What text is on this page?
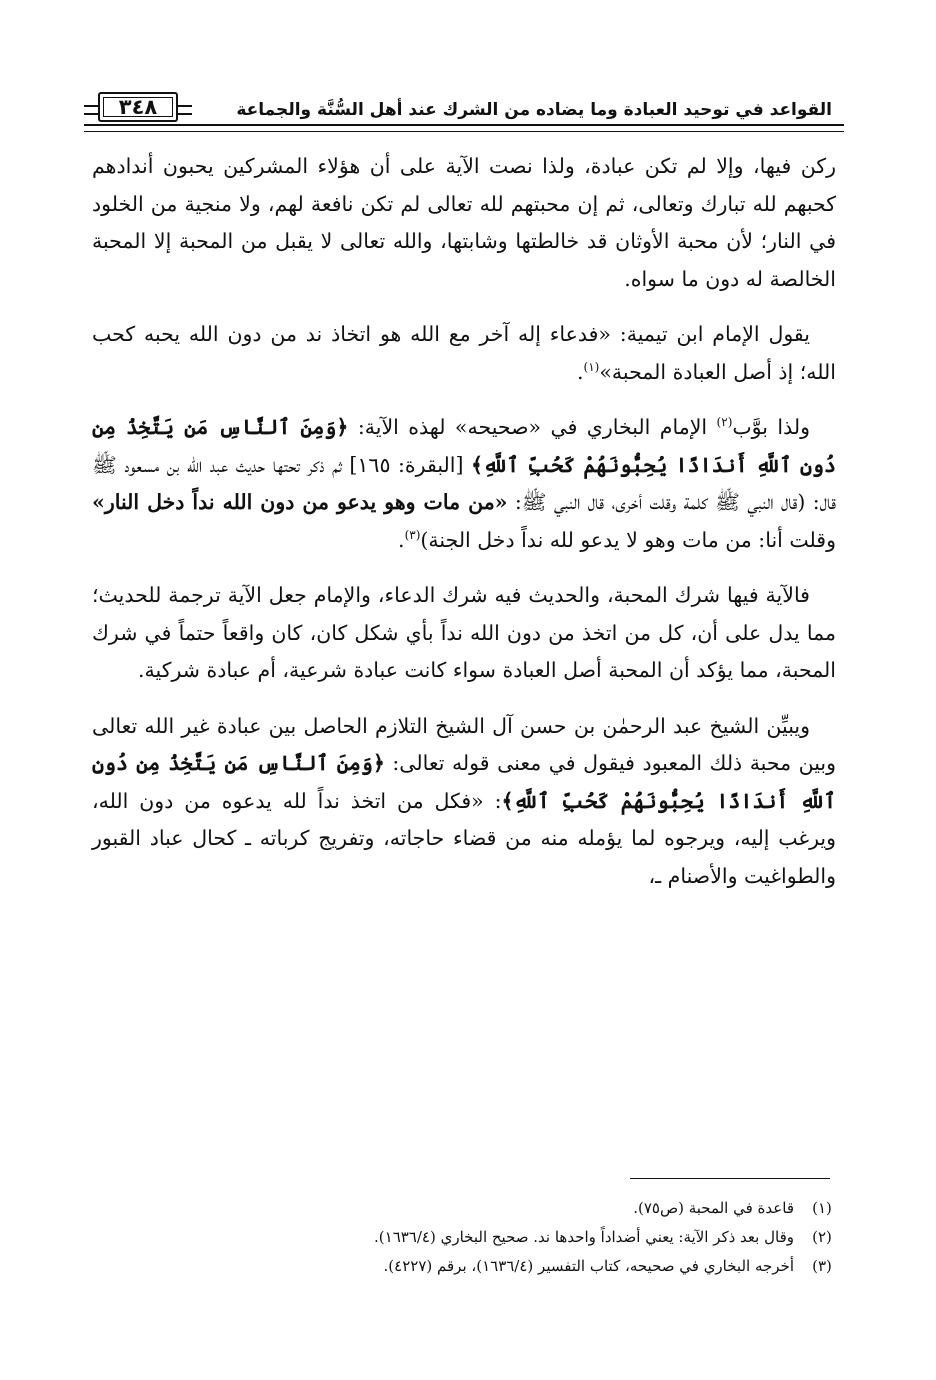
٣٤٨	القواعد في توحيد العبادة وما يضاده من الشرك عند أهل السُّنَّة والجماعة

ركن فيها، وإلا لم تكن عبادة، ولذا نصت الآية على أن هؤلاء المشركين يحبون أندادهم كحبهم لله تبارك وتعالى، ثم إن محبتهم لله تعالى لم تكن نافعة لهم، ولا منجية من الخلود في النار؛ لأن محبة الأوثان قد خالطتها وشابتها، والله تعالى لا يقبل من المحبة إلا المحبة الخالصة له دون ما سواه.

يقول الإمام ابن تيمية: «فدعاء إله آخر مع الله هو اتخاذ ند من دون الله يحبه كحب الله؛ إذ أصل العبادة المحبة»$^{(١)}$.

ولذا بوَّب$^{(٢)}$ الإمام البخاري في «صحيحه» لهذه الآية: ﴿وَمِنَ ٱلنَّاسِ مَن يَتَّخِذُ مِن دُونِ ٱللَّهِ أَندَادًا يُحِبُّونَهُمْ كَحُبِّ ٱللَّهِ﴾ [البقرة: ١٦٥] ثم ذكر تحتها حديث عبد الله بن مسعود ﷺ قال: (قال النبي ﷺ كلمة وقلت أخرى، قال النبي ﷺ: «من مات وهو يدعو من دون الله نداً دخل النار» وقلت أنا: من مات وهو لا يدعو لله نداً دخل الجنة)$^{(٣)}$.

فالآية فيها شرك المحبة، والحديث فيه شرك الدعاء، والإمام جعل الآية ترجمة للحديث؛ مما يدل على أن، كل من اتخذ من دون الله نداً بأي شكل كان، كان واقعاً حتماً في شرك المحبة، مما يؤكد أن المحبة أصل العبادة سواء كانت عبادة شرعية، أم عبادة شركية.

ويبيِّن الشيخ عبد الرحمٰن بن حسن آل الشيخ التلازم الحاصل بين عبادة غير الله تعالى وبين محبة ذلك المعبود فيقول في معنى قوله تعالى: ﴿وَمِنَ ٱلنَّاسِ مَن يَتَّخِذُ مِن دُونِ ٱللَّهِ أَندَادًا يُحِبُّونَهُمْ كَحُبِّ ٱللَّهِ﴾: «فكل من اتخذ نداً لله يدعوه من دون الله، ويرغب إليه، ويرجوه لما يؤمله منه من قضاء حاجاته، وتفريج كرباته ـ كحال عباد القبور والطواغيت والأصنام ـ،

(١)
قاعدة في المحبة (ص٧٥).
(٢)
وقال بعد ذكر الآية: يعني أضداداً واحدها ند. صحيح البخاري (١٦٣٦/٤).
(٣)
أخرجه البخاري في صحيحه، كتاب التفسير (١٦٣٦/٤)، برقم (٤٢٢٧).
